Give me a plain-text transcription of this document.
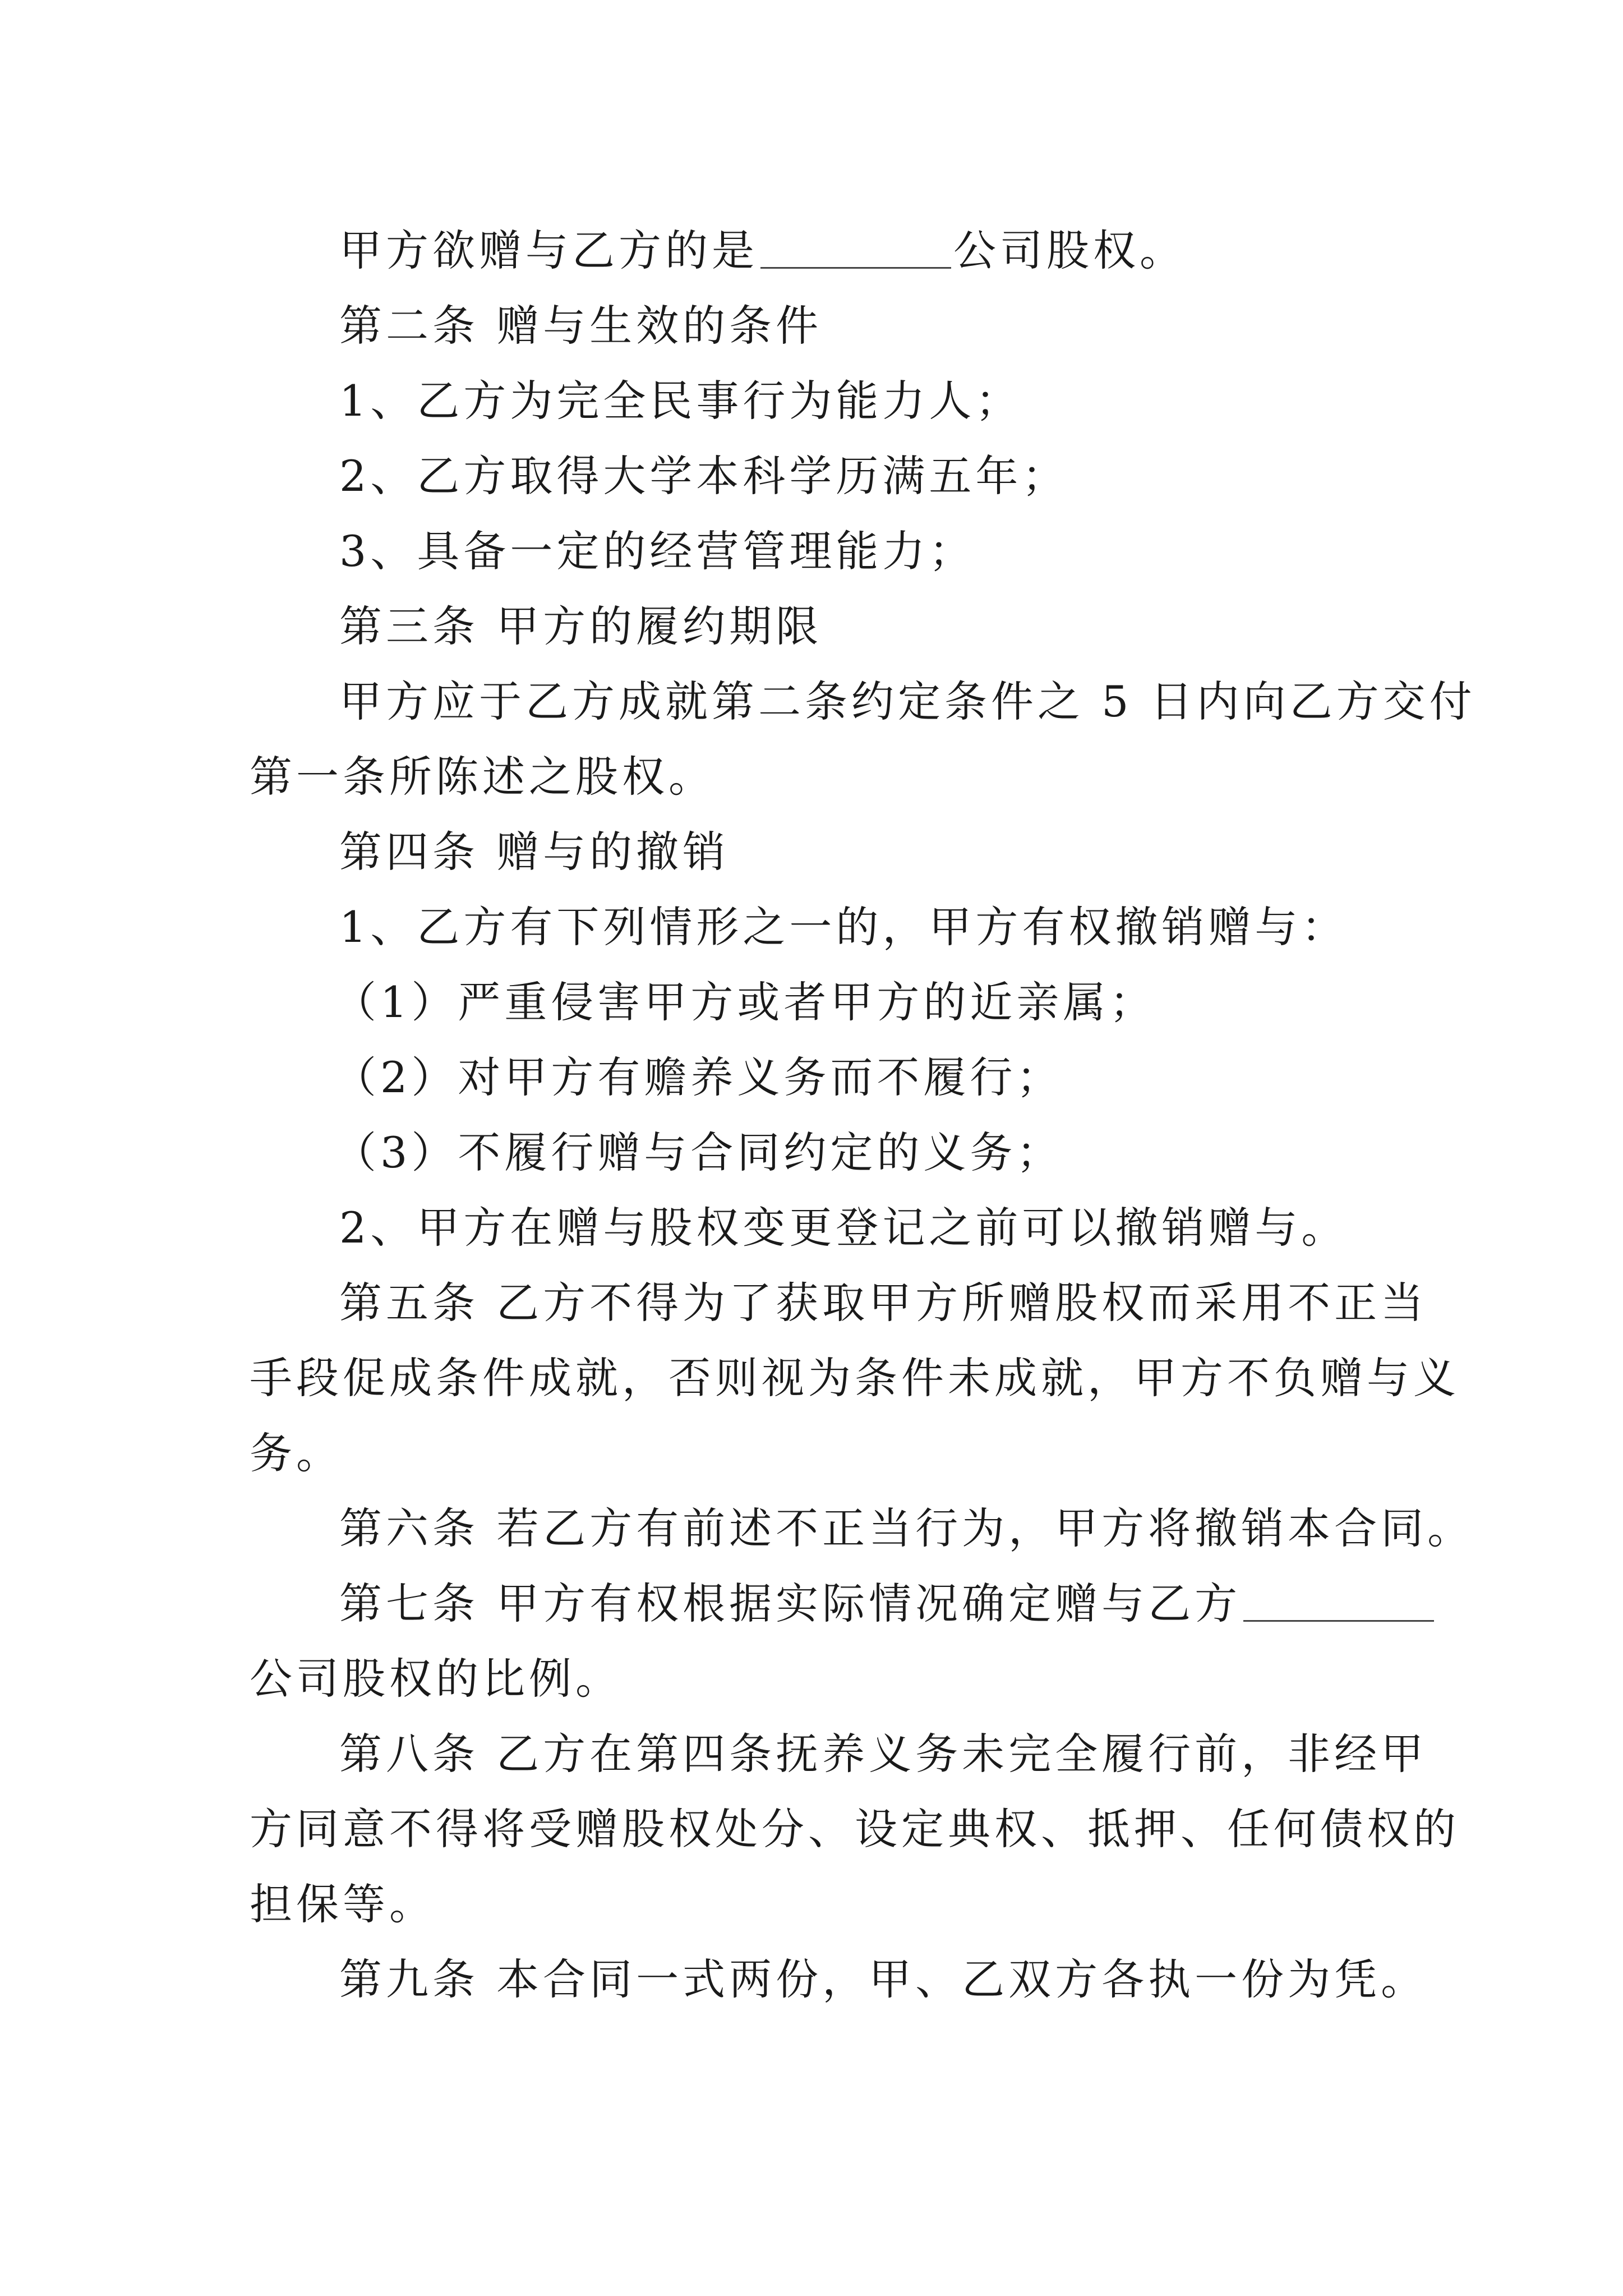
甲方欲赠与乙方的是	公司股权。

第二条 赠与生效的条件

1、乙方为完全民事行为能力人；

2、乙方取得大学本科学历满五年；

3、具备一定的经营管理能力；

第三条 甲方的履约期限

甲方应于乙方成就第二条约定条件之 5 日内向乙方交付

第一条所陈述之股权。

第四条 赠与的撤销

1、乙方有下列情形之一的，甲方有权撤销赠与：

（1）严重侵害甲方或者甲方的近亲属；

（2）对甲方有赡养义务而不履行；

（3）不履行赠与合同约定的义务；

2、甲方在赠与股权变更登记之前可以撤销赠与。

第五条 乙方不得为了获取甲方所赠股权而采用不正当

手段促成条件成就，否则视为条件未成就，甲方不负赠与义

务。

第六条 若乙方有前述不正当行为，甲方将撤销本合同。

第七条 甲方有权根据实际情况确定赠与乙方

公司股权的比例。

第八条 乙方在第四条抚养义务未完全履行前，非经甲

方同意不得将受赠股权处分、设定典权、抵押、任何债权的

担保等。

第九条 本合同一式两份，甲、乙双方各执一份为凭。
